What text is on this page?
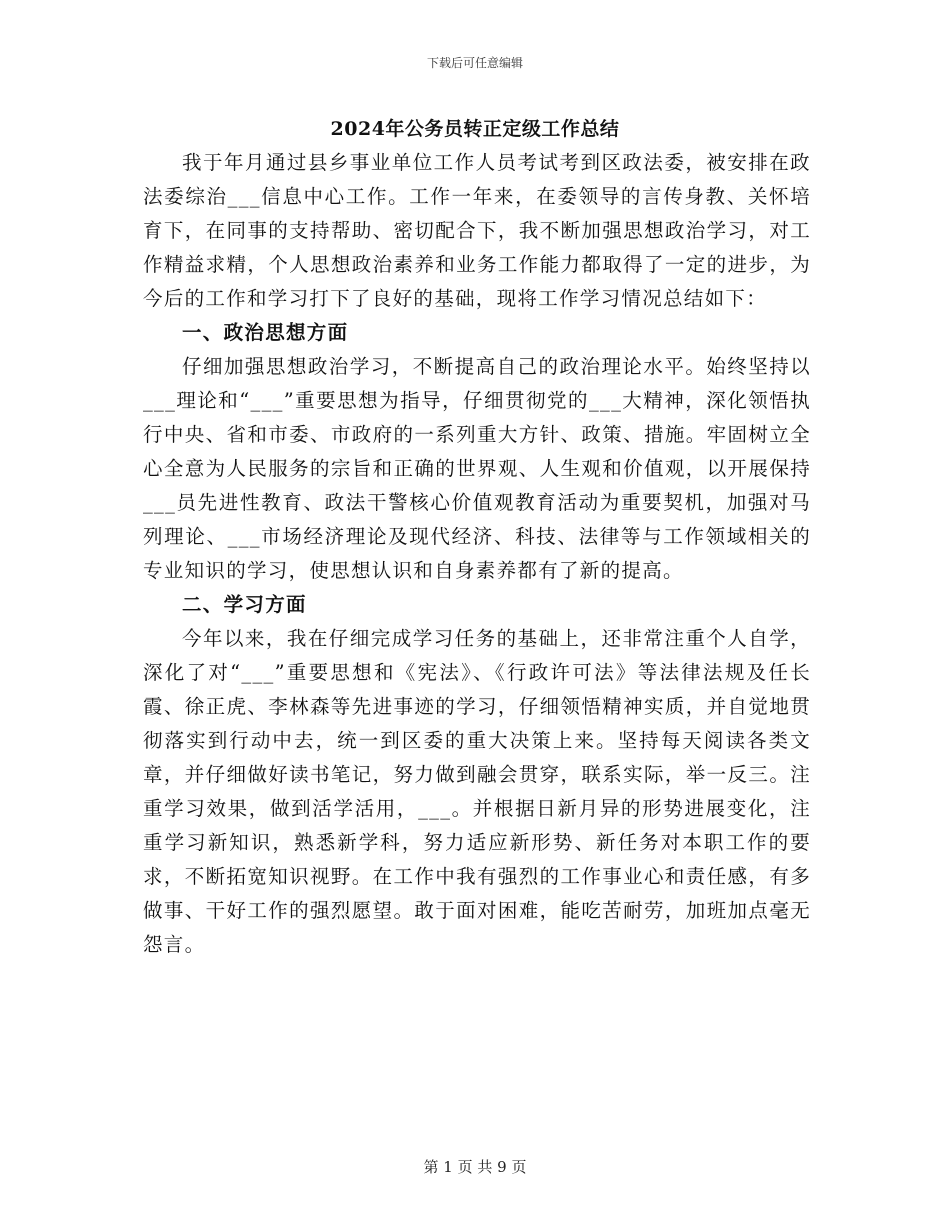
下载后可任意编辑
2024年公务员转正定级工作总结

我于年月通过县乡事业单位工作人员考试考到区政法委，被安排在政法委综治___信息中心工作。工作一年来，在委领导的言传身教、关怀培育下，在同事的支持帮助、密切配合下，我不断加强思想政治学习，对工作精益求精，个人思想政治素养和业务工作能力都取得了一定的进步，为今后的工作和学习打下了良好的基础，现将工作学习情况总结如下：

一、政治思想方面

仔细加强思想政治学习，不断提高自己的政治理论水平。始终坚持以___理论和“___”重要思想为指导，仔细贯彻党的___大精神，深化领悟执行中央、省和市委、市政府的一系列重大方针、政策、措施。牢固树立全心全意为人民服务的宗旨和正确的世界观、人生观和价值观，以开展保持___员先进性教育、政法干警核心价值观教育活动为重要契机，加强对马列理论、___市场经济理论及现代经济、科技、法律等与工作领域相关的专业知识的学习，使思想认识和自身素养都有了新的提高。

二、学习方面

今年以来，我在仔细完成学习任务的基础上，还非常注重个人自学，深化了对“___”重要思想和《宪法》、《行政许可法》等法律法规及任长霞、徐正虎、李林森等先进事迹的学习，仔细领悟精神实质，并自觉地贯彻落实到行动中去，统一到区委的重大决策上来。坚持每天阅读各类文章，并仔细做好读书笔记，努力做到融会贯穿，联系实际，举一反三。注重学习效果，做到活学活用，___。并根据日新月异的形势进展变化，注重学习新知识，熟悉新学科，努力适应新形势、新任务对本职工作的要求，不断拓宽知识视野。在工作中我有强烈的工作事业心和责任感，有多做事、干好工作的强烈愿望。敢于面对困难，能吃苦耐劳，加班加点毫无怨言。

第 1 页 共 9 页
